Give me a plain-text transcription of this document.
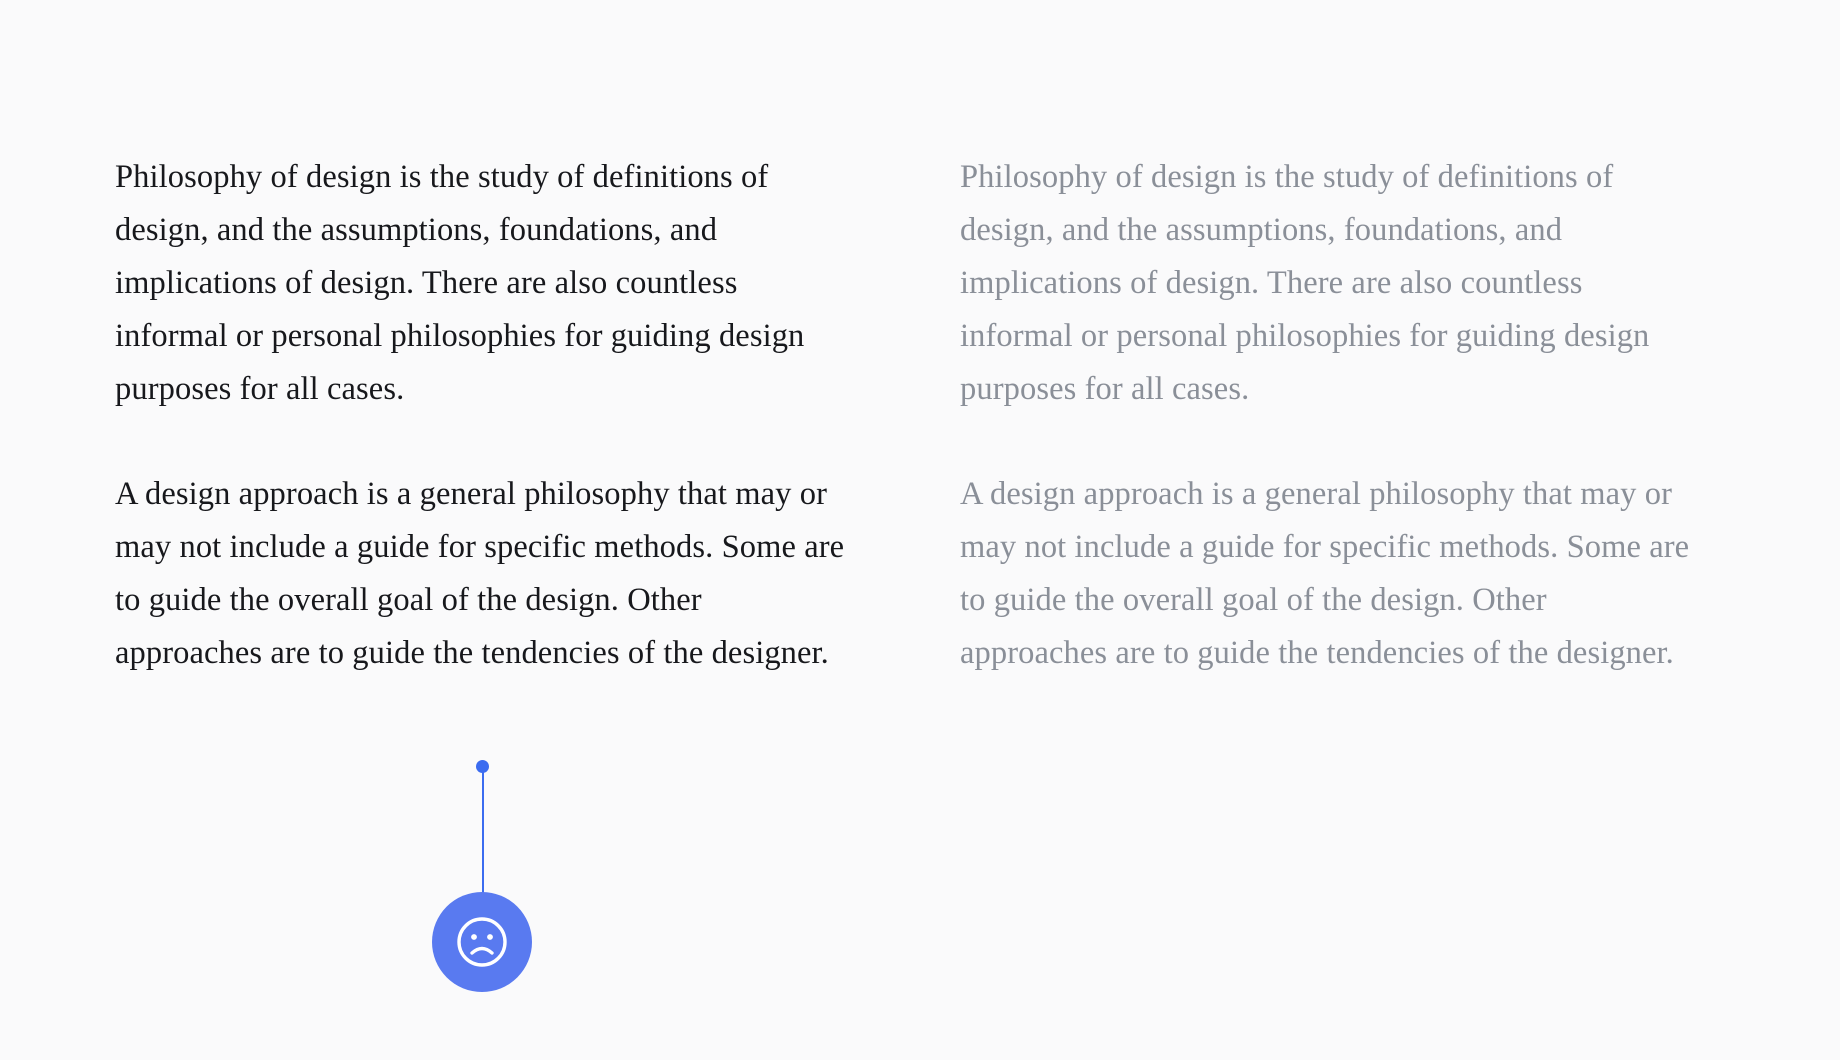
Philosophy of design is the study of definitions of design, and the assumptions, foundations, and implications of design. There are also countless informal or personal philosophies for guiding design purposes for all cases.

A design approach is a general philosophy that may or may not include a guide for specific methods. Some are to guide the overall goal of the design. Other approaches are to guide the tendencies of the designer.

Philosophy of design is the study of definitions of design, and the assumptions, foundations, and implications of design. There are also countless informal or personal philosophies for guiding design purposes for all cases.

A design approach is a general philosophy that may or may not include a guide for specific methods. Some are to guide the overall goal of the design. Other approaches are to guide the tendencies of the designer.
